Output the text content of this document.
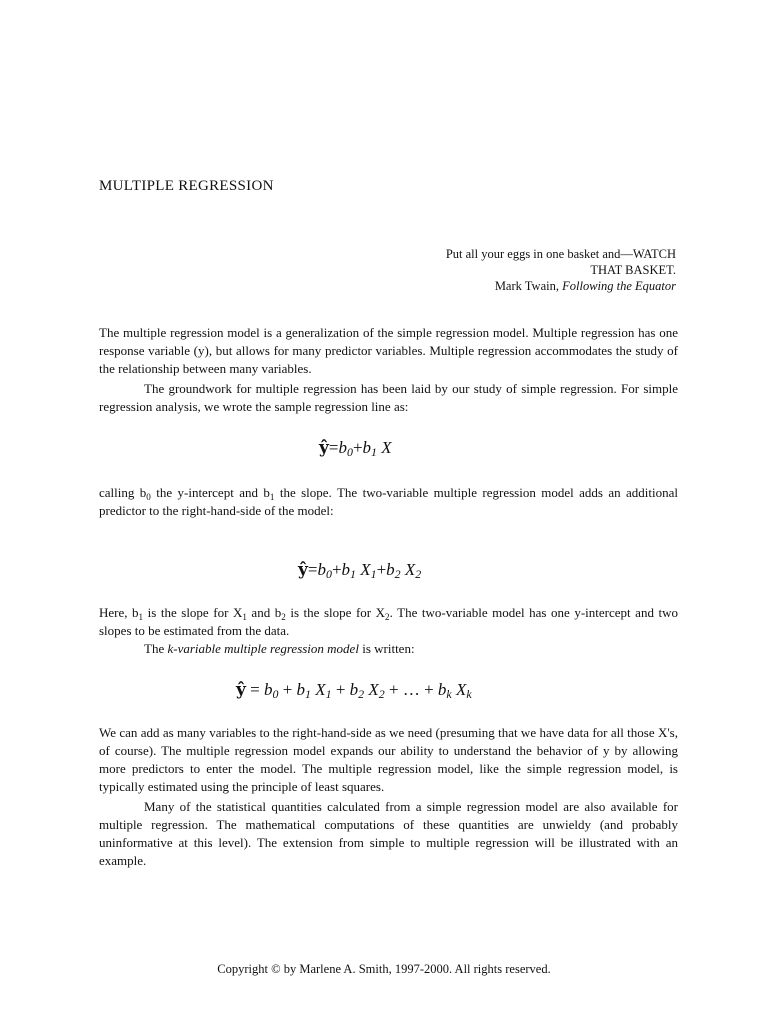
MULTIPLE REGRESSION
Put all your eggs in one basket and—WATCH
THAT BASKET.
Mark Twain, Following the Equator

The multiple regression model is a generalization of the simple regression model. Multiple regression has one response variable (y), but allows for many predictor variables. Multiple regression accommodates the study of the relationship between many variables.

The groundwork for multiple regression has been laid by our study of simple regression. For simple regression analysis, we wrote the sample regression line as:

$ŷ=b_0+b_1$ X

calling $b_0$ the y-intercept and $b_1$ the slope. The two-variable multiple regression model adds an additional predictor to the right-hand-side of the model:

$ŷ=b_0+b_1$ $X_1+b_2$ $X_2$

Here, $b_1$ is the slope for $X_1$ and $b_2$ is the slope for $X_2$. The two-variable model has one y-intercept and two slopes to be estimated from the data.

The k-variable multiple regression model is written:

ŷ = $b_0 + b_1$ $X_1 + b_2$ $X_2$ + … + $b_k$ $X_k$

We can add as many variables to the right-hand-side as we need (presuming that we have data for all those X's, of course). The multiple regression model expands our ability to understand the behavior of y by allowing more predictors to enter the model. The multiple regression model, like the simple regression model, is typically estimated using the principle of least squares.

Many of the statistical quantities calculated from a simple regression model are also available for multiple regression. The mathematical computations of these quantities are unwieldy (and probably uninformative at this level). The extension from simple to multiple regression will be illustrated with an example.

Copyright © by Marlene A. Smith, 1997-2000. All rights reserved.
